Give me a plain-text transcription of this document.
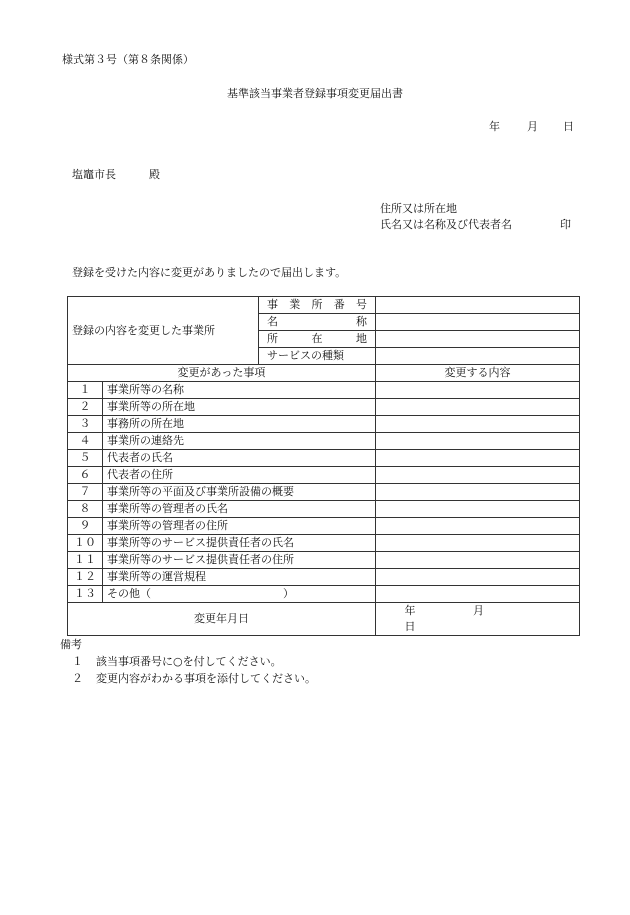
様式第３号（第８条関係）
基準該当事業者登録事項変更届出書
年 月 日
塩竈市長　　　殿
住所又は所在地
氏名又は名称及び代表者名	印
登録を受けた内容に変更がありましたので届出します。
登録の内容を変更した事業所		事 業 所 番 号	

		名 称	

		所 在 地	

		サービスの種類	

変更があった事項			変更する内容
１	事業所等の名称		
２	事業所等の所在地		
３	事務所の所在地		
４	事業所の連絡先		
５	代表者の氏名		
６	代表者の住所		
７	事業所等の平面及び事業所設備の概要		
８	事業所等の管理者の氏名		
９	事業所等の管理者の住所		
１０	事業所等のサービス提供責任者の氏名		
１１	事業所等のサービス提供責任者の住所		
１２	事業所等の運営規程		
１３	その他（　　　　　　　　　　　　）		
変更年月日			年 月 日
備考
１ 該当事項番号に○を付してください。
２ 変更内容がわかる事項を添付してください。
